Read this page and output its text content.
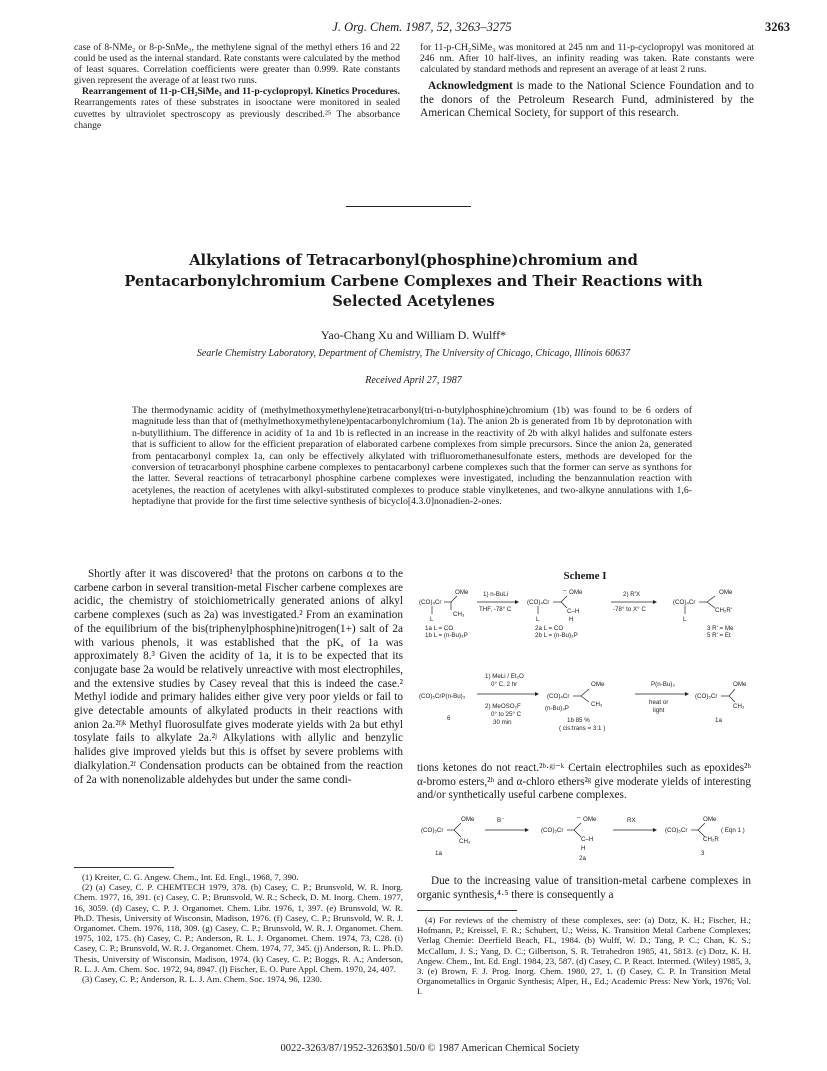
J. Org. Chem. 1987, 52, 3263–3275	3263

case of 8-NMe₂ or 8-p-SnMe₃, the methylene signal of the methyl ethers 16 and 22 could be used as the internal standard. Rate constants were calculated by the method of least squares. Correlation coefficients were greater than 0.999. Rate constants given represent the average of at least two runs.

Rearrangement of 11-p-CH₂SiMe₃ and 11-p-cyclopropyl. Kinetics Procedures. Rearrangements rates of these substrates in isooctane were monitored in sealed cuvettes by ultraviolet spectroscopy as previously described.²⁵ The absorbance change

for 11-p-CH₂SiMe₃ was monitored at 245 nm and 11-p-cyclopropyl was monitored at 246 nm. After 10 half-lives, an infinity reading was taken. Rate constants were calculated by standard methods and represent an average of at least 2 runs.

Acknowledgment is made to the National Science Foundation and to the donors of the Petroleum Research Fund, administered by the American Chemical Society, for support of this research.

Alkylations of Tetracarbonyl(phosphine)chromium and Pentacarbonylchromium Carbene Complexes and Their Reactions with Selected Acetylenes
Yao-Chang Xu and William D. Wulff*
Searle Chemistry Laboratory, Department of Chemistry, The University of Chicago, Chicago, Illinois 60637
Received April 27, 1987
The thermodynamic acidity of (methylmethoxymethylene)tetracarbonyl(tri-n-butylphosphine)chromium (1b) was found to be 6 orders of magnitude less than that of (methylmethoxymethylene)pentacarbonylchromium (1a). The anion 2b is generated from 1b by deprotonation with n-butyllithium. The difference in acidity of 1a and 1b is reflected in an increase in the reactivity of 2b with alkyl halides and sulfonate esters that is sufficient to allow for the efficient preparation of elaborated carbene complexes from simple precursors. Since the anion 2a, generated from pentacarbonyl complex 1a, can only be effectively alkylated with trifluoromethanesulfonate esters, methods are developed for the conversion of tetracarbonyl phosphine carbene complexes to pentacarbonyl carbene complexes such that the former can serve as synthons for the latter. Several reactions of tetracarbonyl phosphine carbene complexes were investigated, including the benzannulation reaction with acetylenes, the reaction of acetylenes with alkyl-substituted complexes to produce stable vinylketenes, and two-alkyne annulations with 1,6-heptadiyne that provide for the first time selective synthesis of bicyclo[4.3.0]nonadien-2-ones.

Shortly after it was discovered¹ that the protons on carbons α to the carbene carbon in several transition-metal Fischer carbene complexes are acidic, the chemistry of stoichiometrically generated anions of alkyl carbene complexes (such as 2a) was investigated.² From an examination of the equilibrium of the bis(triphenylphosphine)nitrogen(1+) salt of 2a with various phenols, it was established that the pKₐ of 1a was approximately 8.³ Given the acidity of 1a, it is to be expected that its conjugate base 2a would be relatively unreactive with most electrophiles, and the extensive studies by Casey reveal that this is indeed the case.² Methyl iodide and primary halides either give very poor yields or fail to give detectable amounts of alkylated products in their reactions with anion 2a.²ᶠʲᵏ Methyl fluorosulfate gives moderate yields with 2a but ethyl tosylate fails to alkylate 2a.²ʲ Alkylations with allylic and benzylic halides give improved yields but this is offset by severe problems with dialkylation.²ᶠ Condensation products can be obtained from the reaction of 2a with nonenolizable aldehydes but under the same condi-

(1) Kreiter, C. G. Angew. Chem., Int. Ed. Engl., 1968, 7, 390.
(2) (a) Casey, C. P. CHEMTECH 1979, 378. (b) Casey, C. P.; Brunsvold, W. R. Inorg. Chem. 1977, 16, 391. (c) Casey, C. P.; Brunsvold, W. R.; Scheck, D. M. Inorg. Chem. 1977, 16, 3059. (d) Casey, C. P. J. Organomet. Chem. Libr. 1976, 1, 397. (e) Brunsvold, W. R. Ph.D. Thesis, University of Wisconsin, Madison, 1976. (f) Casey, C. P.; Brunsvold, W. R. J. Organomet. Chem. 1976, 118, 309. (g) Casey, C. P.; Brunsvold, W. R. J. Organomet. Chem. 1975, 102, 175. (h) Casey, C. P.; Anderson, R. L. J. Organomet. Chem. 1974, 73, C28. (i) Casey, C. P.; Brunsvold, W. R. J. Organomet. Chem. 1974, 77, 345. (j) Anderson, R. L. Ph.D. Thesis, University of Wisconsin, Madison, 1974. (k) Casey, C. P.; Boggs, R. A.; Anderson, R. L. J. Am. Chem. Soc. 1972, 94, 8947. (l) Fischer, E. O. Pure Appl. Chem. 1970, 24, 407.
(3) Casey, C. P.; Anderson, R. L. J. Am. Chem. Soc. 1974, 96, 1230.
Scheme I
(CO)₄Cr
OMe
CH₃
L
1) n-BuLi
THF, -78° C
(CO)₄Cr
– OMe
C–H
H
L
2) R'X
-78° to X° C
(CO)₄Cr
OMe
CH₂R'
L
1a L = CO
1b L = (n-Bu)₃P
2a L = CO
2b L = (n-Bu)₃P
3 R' = Me
5 R' = Et
(CO)₅CrP(n-Bu)₃
6
1) MeLi / Et₂O
0° C, 2 hr
2) MeOSO₂F
0° to 25° C
30 min
(CO)₄Cr
OMe
CH₃
(n-Bu)₃P
1b 85 %
( cis:trans = 3:1 )
P(n-Bu)₃
heat or
light
(CO)₅Cr
OMe
CH₃
1a
tions ketones do not react.²ᵇ·ᵍʲ⁻ᵏ Certain electrophiles such as epoxides²ʰ α-bromo esters,²ʰ and α-chloro ethers²ᵍ give moderate yields of interesting and/or synthetically useful carbene complexes.
(CO)₅Cr
OMe
CH₃
1a
B⁻
(CO)₅Cr
– OMe
C–H
H
2a
RX
(CO)₅Cr
OMe
CH₂R
3
( Eqn 1 )
Due to the increasing value of transition-metal carbene complexes in organic synthesis,⁴·⁵ there is consequently a
(4) For reviews of the chemistry of these complexes, see: (a) Dotz, K. H.; Fischer, H.; Hofmann, P.; Kreissel, F. R.; Schubert, U.; Weiss, K. Transition Metal Carbene Complexes; Verlag Chemie: Deerfield Beach, FL, 1984. (b) Wulff, W. D.; Tang, P. C.; Chan, K. S.; McCallum, J. S.; Yang, D. C.; Gilbertson, S. R. Tetrahedron 1985, 41, 5813. (c) Dotz, K. H. Angew. Chem., Int. Ed. Engl. 1984, 23, 587. (d) Casey, C. P. React. Intermed. (Wiley) 1985, 3, 3. (e) Brown, F. J. Prog. Inorg. Chem. 1980, 27, 1. (f) Casey, C. P. In Transition Metal Organometallics in Organic Synthesis; Alper, H., Ed.; Academic Press: New York, 1976; Vol. I.
0022-3263/87/1952-3263$01.50/0 © 1987 American Chemical Society
